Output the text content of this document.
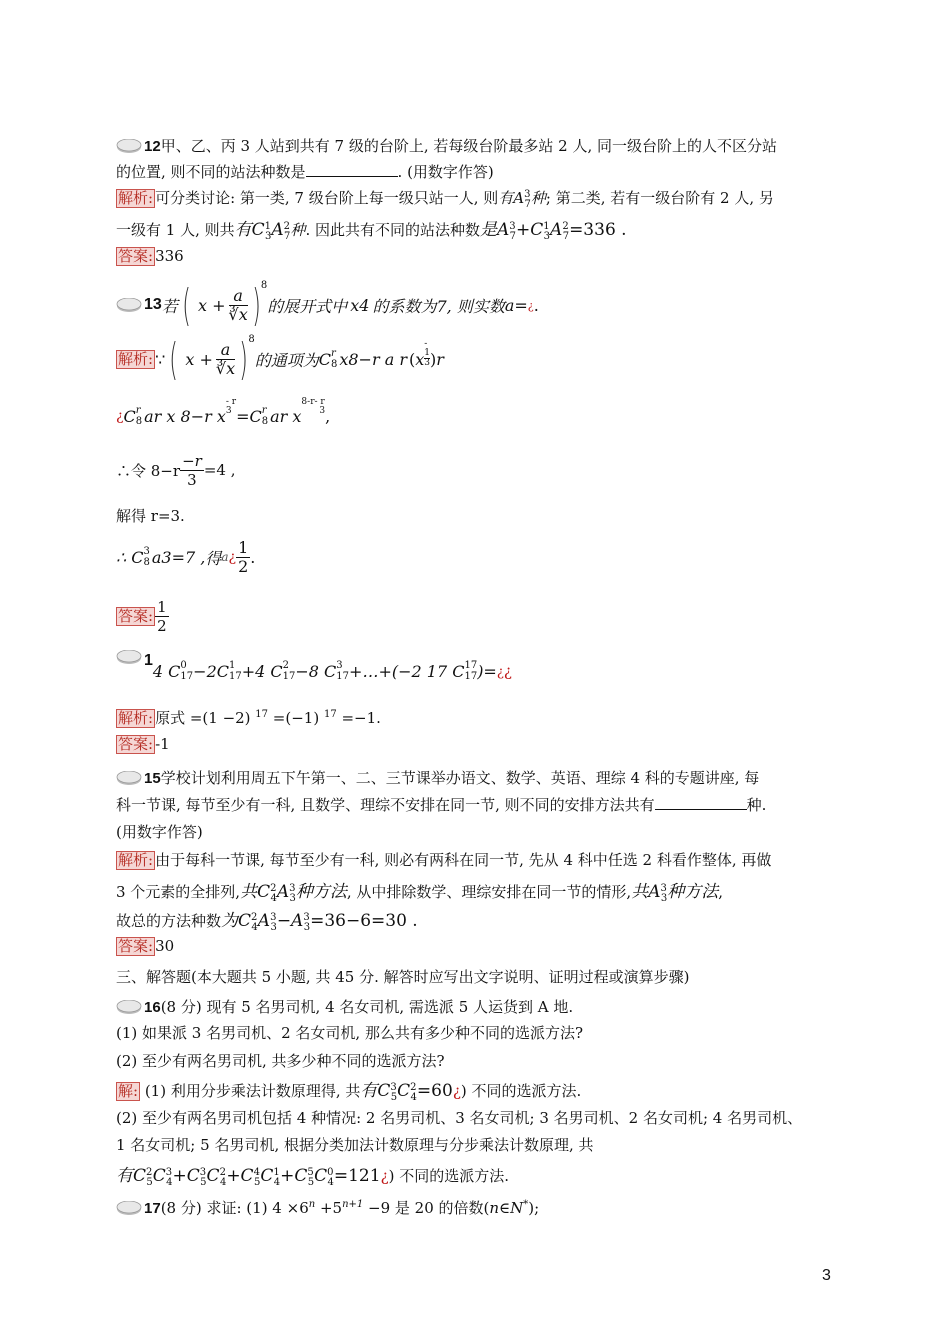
12甲、乙、丙 3 人站到共有 7 级的台阶上, 若每级台阶最多站 2 人, 同一级台阶上的人不区分站
的位置, 则不同的站法种数是	. (用数字作答)
解析: 可分类讨论: 第一类, 7 级台阶上每一级只站一人, 则有$A^3_7$种; 第二类, 若有一级台阶有 2 人, 另
一级有 1 人, 则共有$C^1_3A^2_7$种. 因此共有不同的站法种数是$A^3_7+C^1_3A^2_7=336$ .
答案: 336
13 若 ( $x + \frac{a}{∛x} )^8$
的展开式中 x4 的系数为7, 则实数 a= ¿ .
解析: ∵ ( $x + \frac{a}{∛x} )^8$
的通项为 C r
8 x8−r a r ( x
-
1
3 ) r
¿ C r
8 ar x 8−r x
- r
3 =C r
8 ar x
8-r- r
3 ,
∴令 $8-r \frac{-r}{3} =4$ ,
解得 r=3.
∴ C 3
8 a3=7 , 得 a ¿ $\frac{1}{2}$ .
答案: $\frac{1}{2}$
1
4 C 0
17 −2C 1
17 +4 C 2
17 −8 C 3
17 +…+(−2 17 C 17
17 )= ¿ ¿
解析: 原式 =(1 −2) $^{17}$ =(−1) $^{17}$ =−1.
答案: -1
15学校计划利用周五下午第一、二、三节课举办语文、数学、英语、理综 4 科的专题讲座, 每
科一节课, 每节至少有一科, 且数学、理综不安排在同一节, 则不同的安排方法共有	种.
(用数字作答)
解析: 由于每科一节课, 每节至少有一科, 则必有两科在同一节, 先从 4 科中任选 2 科看作整体, 再做
3 个元素的全排列,共$C^2_4A^3_3$种方法, 从中排除数学、理综安排在同一节的情形,共$A^3_3$种方法,
故总的方法种数为$C^2_4A^3_3-A^3_3=36-6=30$ .
答案: 30
三、解答题(本大题共 5 小题, 共 45 分. 解答时应写出文字说明、证明过程或演算步骤)
16(8 分) 现有 5 名男司机, 4 名女司机, 需选派 5 人运货到 A 地.
(1) 如果派 3 名男司机、2 名女司机, 那么共有多少种不同的选派方法?
(2) 至少有两名男司机, 共多少种不同的选派方法?
解: (1) 利用分步乘法计数原理得, 共有$C^3_5C^2_4=60¿$) 不同的选派方法.
(2) 至少有两名男司机包括 4 种情况: 2 名男司机、3 名女司机; 3 名男司机、2 名女司机; 4 名男司机、
1 名女司机; 5 名男司机, 根据分类加法计数原理与分步乘法计数原理, 共
有$C^2_5C^3_4+C^3_5C^2_4+C^4_5C^1_4+C^5_5C^0_4=121¿$) 不同的选派方法.
17(8 分) 求证: (1) $4 \times 6^n +5^{n+1} -9$ 是 20 的倍数(n∈N*);
3
